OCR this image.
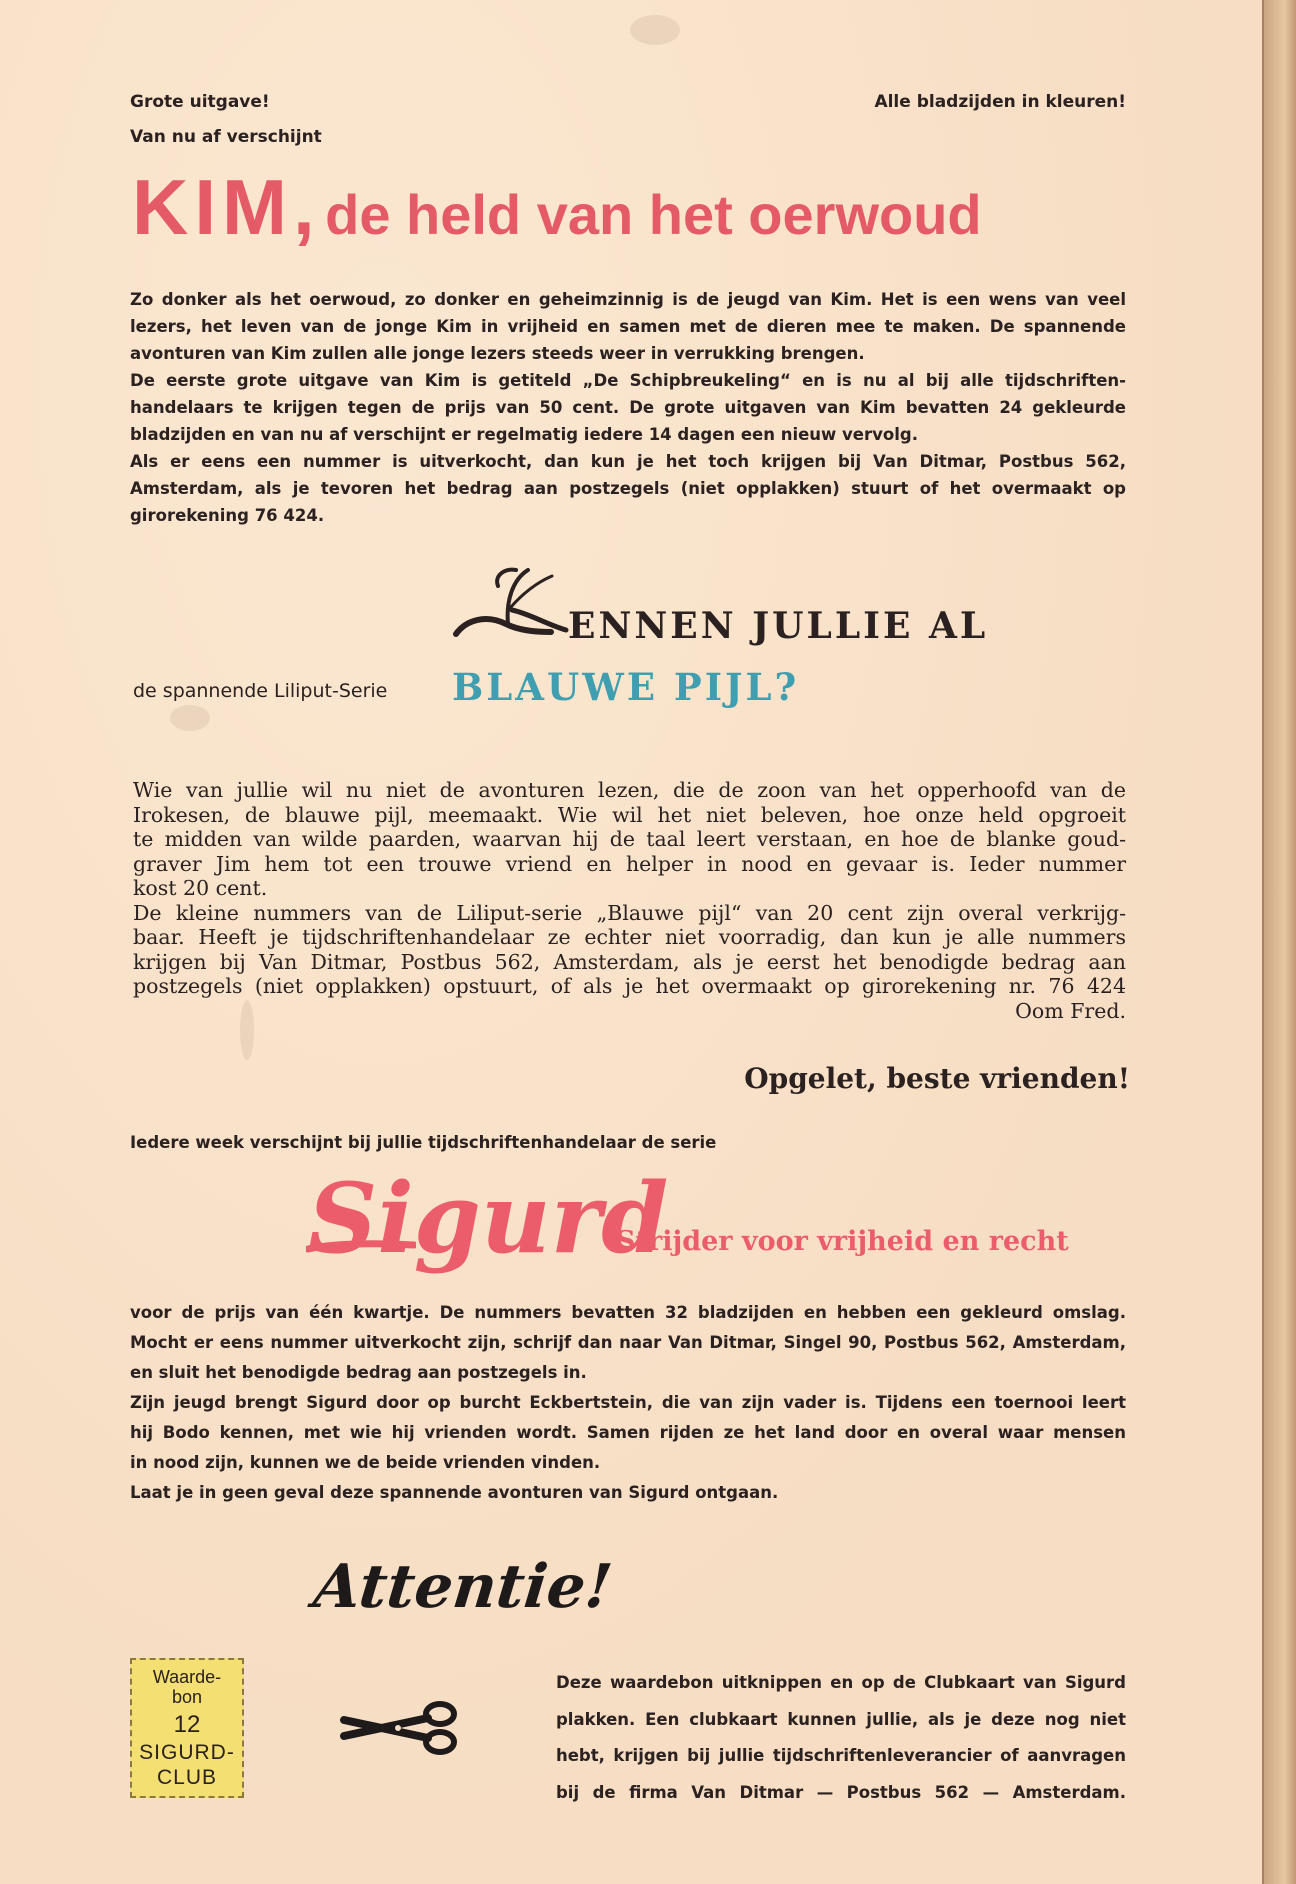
Grote uitgave!
Van nu af verschijnt
Alle bladzijden in kleuren!
KIM, de held van het oerwoud
Zo donker als het oerwoud, zo donker en geheimzinnig is de jeugd van Kim. Het is een wens van veel
lezers, het leven van de jonge Kim in vrijheid en samen met de dieren mee te maken. De spannende
avonturen van Kim zullen alle jonge lezers steeds weer in verrukking brengen.
De eerste grote uitgave van Kim is getiteld „De Schipbreukeling“ en is nu al bij alle tijdschriften-
handelaars te krijgen tegen de prijs van 50 cent. De grote uitgaven van Kim bevatten 24 gekleurde
bladzijden en van nu af verschijnt er regelmatig iedere 14 dagen een nieuw vervolg.
Als er eens een nummer is uitverkocht, dan kun je het toch krijgen bij Van Ditmar, Postbus 562,
Amsterdam, als je tevoren het bedrag aan postzegels (niet opplakken) stuurt of het overmaakt op
girorekening 76 424.
ENNEN JULLIE AL
de spannende Liliput-Serie BLAUWE PIJL?
Wie van jullie wil nu niet de avonturen lezen, die de zoon van het opperhoofd van de
Irokesen, de blauwe pijl, meemaakt. Wie wil het niet beleven, hoe onze held opgroeit
te midden van wilde paarden, waarvan hij de taal leert verstaan, en hoe de blanke goud-
graver Jim hem tot een trouwe vriend en helper in nood en gevaar is. Ieder nummer
kost 20 cent.
De kleine nummers van de Liliput-serie „Blauwe pijl“ van 20 cent zijn overal verkrijg-
baar. Heeft je tijdschriftenhandelaar ze echter niet voorradig, dan kun je alle nummers
krijgen bij Van Ditmar, Postbus 562, Amsterdam, als je eerst het benodigde bedrag aan
postzegels (niet opplakken) opstuurt, of als je het overmaakt op girorekening nr. 76 424
Oom Fred.
Opgelet, beste vrienden!
Iedere week verschijnt bij jullie tijdschriftenhandelaar de serie
Sigurd
Strijder voor vrijheid en recht
voor de prijs van één kwartje. De nummers bevatten 32 bladzijden en hebben een gekleurd omslag.
Mocht er eens nummer uitverkocht zijn, schrijf dan naar Van Ditmar, Singel 90, Postbus 562, Amsterdam,
en sluit het benodigde bedrag aan postzegels in.
Zijn jeugd brengt Sigurd door op burcht Eckbertstein, die van zijn vader is. Tijdens een toernooi leert
hij Bodo kennen, met wie hij vrienden wordt. Samen rijden ze het land door en overal waar mensen
in nood zijn, kunnen we de beide vrienden vinden.
Laat je in geen geval deze spannende avonturen van Sigurd ontgaan.
Attentie!
Waarde-
bon
12
SIGURD-
CLUB
Deze waardebon uitknippen en op de Clubkaart van Sigurd
plakken. Een clubkaart kunnen jullie, als je deze nog niet
hebt, krijgen bij jullie tijdschriftenleverancier of aanvragen
bij de firma Van Ditmar — Postbus 562 — Amsterdam.
